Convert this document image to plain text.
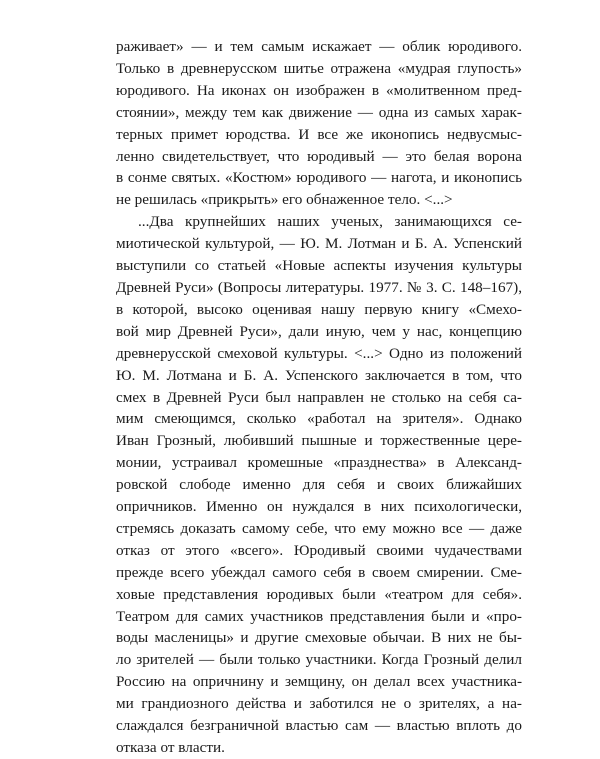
раживает» — и тем самым искажает — облик юродивого.
Только в древнерусском шитье отражена «мудрая глупость»
юродивого. На иконах он изображен в «молитвенном пред-
стоянии», между тем как движение — одна из самых харак-
терных примет юродства. И все же иконопись недвусмыс-
ленно свидетельствует, что юродивый — это белая ворона
в сонме святых. «Костюм» юродивого — нагота, и иконопись
не решилась «прикрыть» его обнаженное тело. <...>
...Два крупнейших наших ученых, занимающихся се-
миотической культурой, — Ю. М. Лотман и Б. А. Успенский
выступили со статьей «Новые аспекты изучения культуры
Древней Руси» (Вопросы литературы. 1977. № 3. С. 148–167),
в которой, высоко оценивая нашу первую книгу «Смехо-
вой мир Древней Руси», дали иную, чем у нас, концепцию
древнерусской смеховой культуры. <...> Одно из положений
Ю. М. Лотмана и Б. А. Успенского заключается в том, что
смех в Древней Руси был направлен не столько на себя са-
мим смеющимся, сколько «работал на зрителя». Однако
Иван Грозный, любивший пышные и торжественные цере-
монии, устраивал кромешные «празднества» в Александ-
ровской слободе именно для себя и своих ближайших
опричников. Именно он нуждался в них психологически,
стремясь доказать самому себе, что ему можно все — даже
отказ от этого «всего». Юродивый своими чудачествами
прежде всего убеждал самого себя в своем смирении. Сме-
ховые представления юродивых были «театром для себя».
Театром для самих участников представления были и «про-
воды масленицы» и другие смеховые обычаи. В них не бы-
ло зрителей — были только участники. Когда Грозный делил
Россию на опричнину и земщину, он делал всех участника-
ми грандиозного действа и заботился не о зрителях, а на-
слаждался безграничной властью сам — властью вплоть до
отказа от власти.
